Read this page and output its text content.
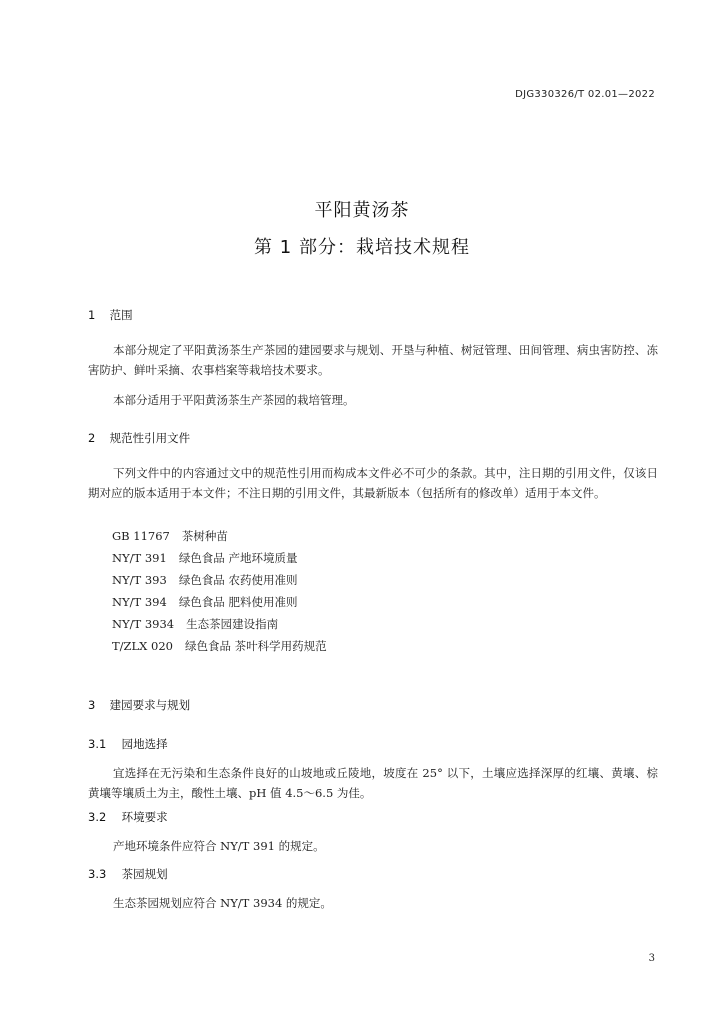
DJG330326/T 02.01—2022
平阳黄汤茶
第 1 部分：栽培技术规程
1 范围
本部分规定了平阳黄汤茶生产茶园的建园要求与规划、开垦与种植、树冠管理、田间管理、病虫害防控、冻害防护、鲜叶采摘、农事档案等栽培技术要求。
本部分适用于平阳黄汤茶生产茶园的栽培管理。
2 规范性引用文件
下列文件中的内容通过文中的规范性引用而构成本文件必不可少的条款。其中，注日期的引用文件，仅该日期对应的版本适用于本文件；不注日期的引用文件，其最新版本（包括所有的修改单）适用于本文件。
GB 11767 茶树种苗
NY/T 391 绿色食品 产地环境质量
NY/T 393 绿色食品 农药使用准则
NY/T 394 绿色食品 肥料使用准则
NY/T 3934 生态茶园建设指南
T/ZLX 020 绿色食品 茶叶科学用药规范
3 建园要求与规划
3.1 园地选择
宜选择在无污染和生态条件良好的山坡地或丘陵地，坡度在 25° 以下，土壤应选择深厚的红壤、黄壤、棕黄壤等壤质土为主，酸性土壤、pH 值 4.5～6.5 为佳。
3.2 环境要求
产地环境条件应符合 NY/T 391 的规定。
3.3 茶园规划
生态茶园规划应符合 NY/T 3934 的规定。
3
